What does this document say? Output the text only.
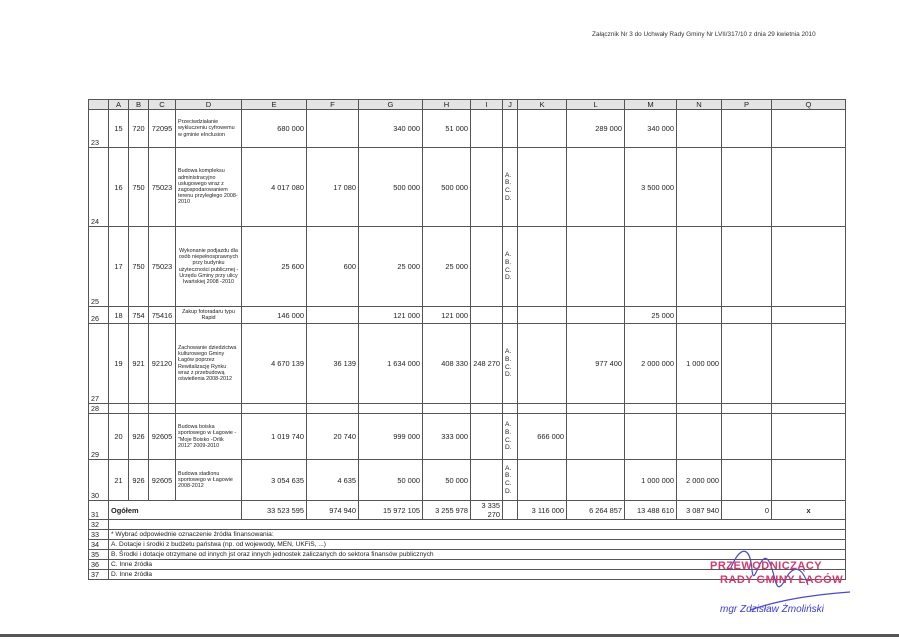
Załącznik Nr 3 do Uchwały Rady Gminy Nr LVII/317/10 z dnia 29 kwietnia 2010
	A	B	C	D	E	F	G	H	I	J	K	L	M	N	P	Q
23	15	720	72095	Przeciwdziałanie wykluczeniu cyfrowemu w gminie eInclusion	680 000		340 000	51 000				289 000	340 000			
24	16	750	75023	Budowa kompleksu administracyjno usługowego wraz z zagospodarowaniem terenu przyległego 2008-2010	4 017 080	17 080	500 000	500 000		A.
B.
C.
D.			3 500 000			
25	17	750	75023	Wykonanie podjazdu dla osób niepełnosprawnych przy budynku użyteczności publicznej - Urzędu Gminy przy ulicy Iwańskiej 2008 -2010	25 600	600	25 000	25 000		A.
B.
C.
D.						
26	18	754	75416	Zakup fotoradaru typu Rapid	146 000		121 000	121 000					25 000			
27	19	921	92120	Zachowanie dziedzictwa kulturowego Gminy Łagów poprzez Rewitalizację Rynku wraz z przebudową oświetlenia 2008-2012	4 670 139	36 139	1 634 000	408 330	248 270	A.
B.
C.
D.		977 400	2 000 000	1 000 000		
28																
29	20	926	92605	Budowa boiska sportowego w Łagowie -"Moje Boisko -Orlik 2012" 2009-2010	1 019 740	20 740	999 000	333 000		A.
B.
C.
D.	666 000					
30	21	926	92605	Budowa stadionu sportowego w Łagowie 2008-2012	3 054 635	4 635	50 000	50 000		A.
B.
C.
D.			1 000 000	2 000 000		
31	Ogółem				33 523 595	974 940	15 972 105	3 255 978	3 335 270		3 116 000	6 264 857	13 488 610	3 087 940	0	x
32																
33	* Wybrać odpowiednie oznaczenie źródła finansowania:															
34	A. Dotacje i środki z budżetu państwa (np. od wojewody, MEN, UKFiS, ...)															
35	B. Środki i dotacje otrzymane od innych jst oraz innych jednostek zaliczanych do sektora finansów publicznych															
36	C. Inne źródła															
37	D. Inne źródła															
PRZEWODNICZĄCY
RADY GMINY ŁAGÓW
mgr Zdzisław Żmoliński
